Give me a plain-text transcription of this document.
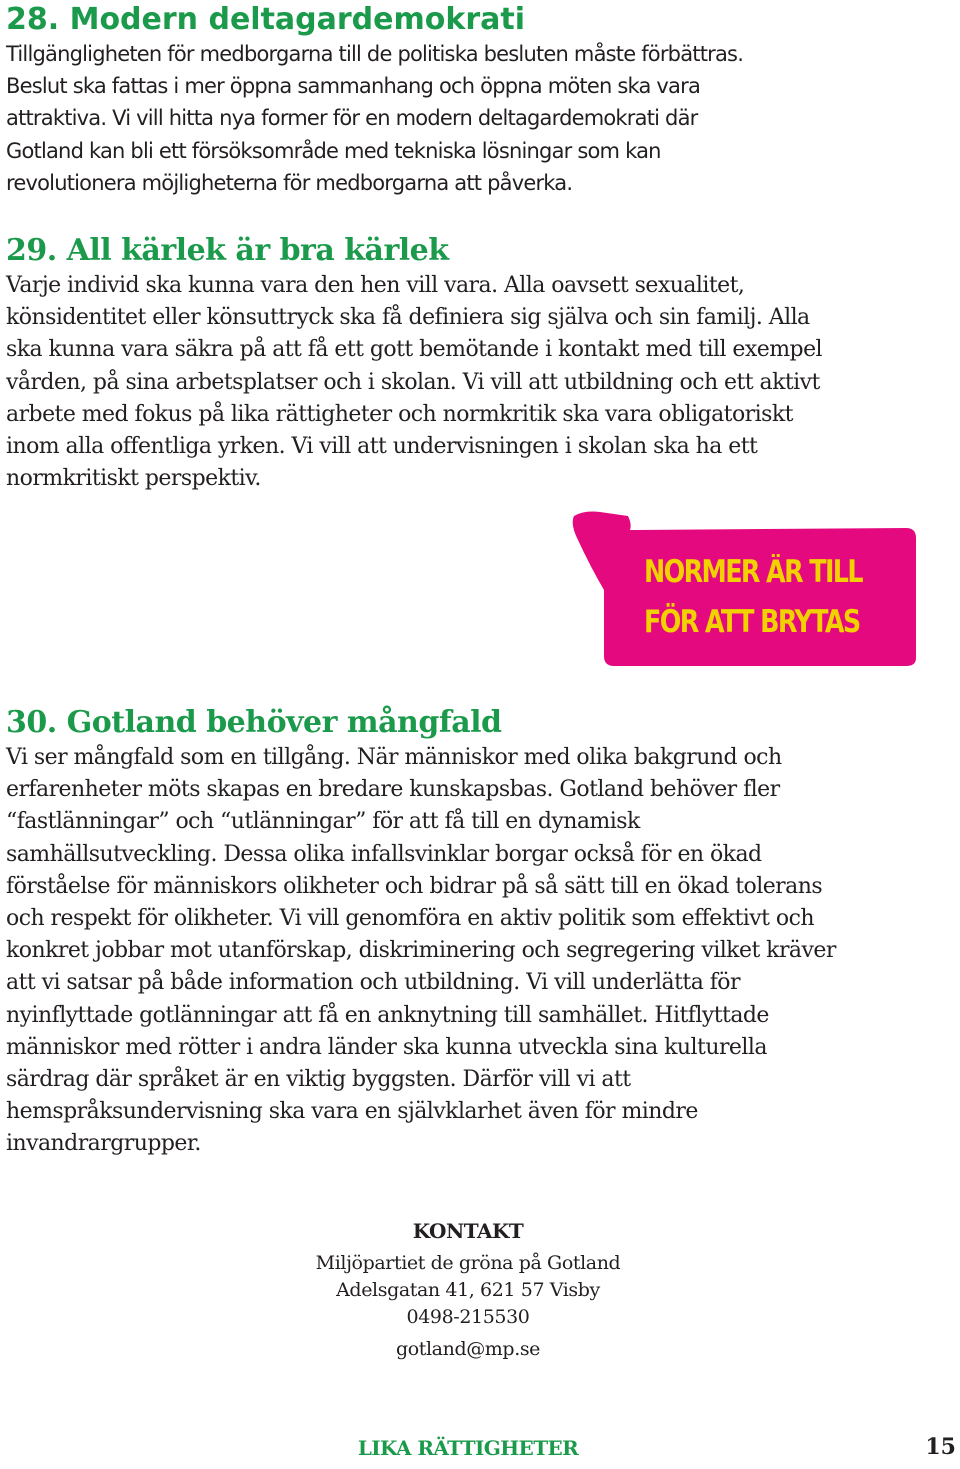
28. Modern deltagardemokrati
Tillgängligheten för medborgarna till de politiska besluten måste förbättras.
Beslut ska fattas i mer öppna sammanhang och öppna möten ska vara
attraktiva. Vi vill hitta nya former för en modern deltagardemokrati där
Gotland kan bli ett försöksområde med tekniska lösningar som kan
revolutionera möjligheterna för medborgarna att påverka.
29. All kärlek är bra kärlek
Varje individ ska kunna vara den hen vill vara. Alla oavsett sexualitet,
könsidentitet eller könsuttryck ska få definiera sig själva och sin familj. Alla
ska kunna vara säkra på att få ett gott bemötande i kontakt med till exempel
vården, på sina arbetsplatser och i skolan. Vi vill att utbildning och ett aktivt
arbete med fokus på lika rättigheter och normkritik ska vara obligatoriskt
inom alla offentliga yrken. Vi vill att undervisningen i skolan ska ha ett
normkritiskt perspektiv.
NORMER ÄR TILL
FÖR ATT BRYTAS
30. Gotland behöver mångfald
Vi ser mångfald som en tillgång. När människor med olika bakgrund och
erfarenheter möts skapas en bredare kunskapsbas. Gotland behöver fler
“fastlänningar” och “utlänningar” för att få till en dynamisk
samhällsutveckling. Dessa olika infallsvinklar borgar också för en ökad
förståelse för människors olikheter och bidrar på så sätt till en ökad tolerans
och respekt för olikheter. Vi vill genomföra en aktiv politik som effektivt och
konkret jobbar mot utanförskap, diskriminering och segregering vilket kräver
att vi satsar på både information och utbildning. Vi vill underlätta för
nyinflyttade gotlänningar att få en anknytning till samhället. Hitflyttade
människor med rötter i andra länder ska kunna utveckla sina kulturella
särdrag där språket är en viktig byggsten. Därför vill vi att
hemspråksundervisning ska vara en självklarhet även för mindre
invandrargrupper.
KONTAKT
Miljöpartiet de gröna på Gotland
Adelsgatan 41, 621 57 Visby
0498-215530
gotland@mp.se
LIKA RÄTTIGHETER	15
